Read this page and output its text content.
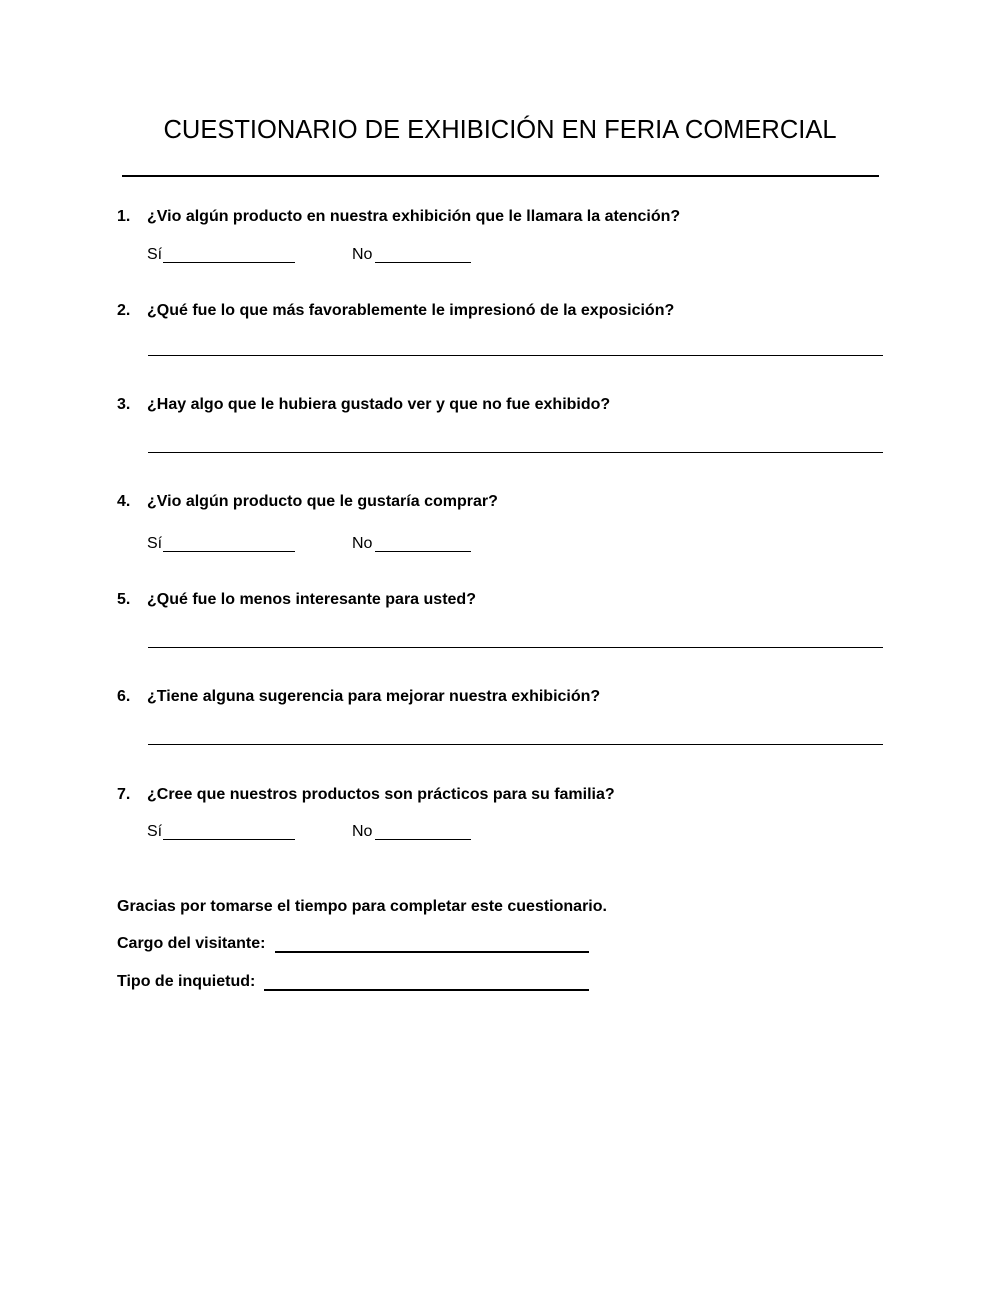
CUESTIONARIO DE EXHIBICIÓN EN FERIA COMERCIAL
1. ¿Vio algún producto en nuestra exhibición que le llamara la atención?
Sí	No
2. ¿Qué fue lo que más favorablemente le impresionó de la exposición?
3. ¿Hay algo que le hubiera gustado ver y que no fue exhibido?
4. ¿Vio algún producto que le gustaría comprar?
Sí	No
5. ¿Qué fue lo menos interesante para usted?
6. ¿Tiene alguna sugerencia para mejorar nuestra exhibición?
7. ¿Cree que nuestros productos son prácticos para su familia?
Sí	No
Gracias por tomarse el tiempo para completar este cuestionario.
Cargo del visitante:
Tipo de inquietud:
